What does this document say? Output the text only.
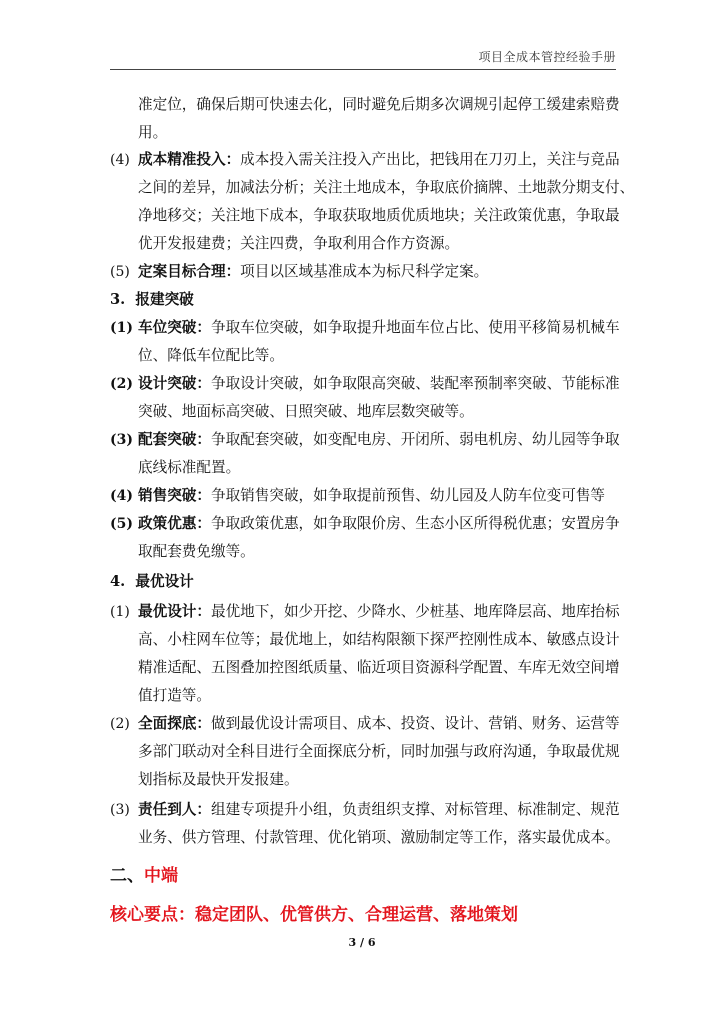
项目全成本管控经验手册
准定位，确保后期可快速去化，同时避免后期多次调规引起停工缓建索赔费
用。
(4) 成本精准投入：成本投入需关注投入产出比，把钱用在刀刃上，关注与竞品
之间的差异，加减法分析；关注土地成本，争取底价摘牌、土地款分期支付、
净地移交；关注地下成本，争取获取地质优质地块；关注政策优惠，争取最
优开发报建费；关注四费，争取利用合作方资源。
(5) 定案目标合理：项目以区域基准成本为标尺科学定案。
3.  报建突破
(1) 车位突破：争取车位突破，如争取提升地面车位占比、使用平移简易机械车
位、降低车位配比等。
(2) 设计突破：争取设计突破，如争取限高突破、装配率预制率突破、节能标准
突破、地面标高突破、日照突破、地库层数突破等。
(3) 配套突破：争取配套突破，如变配电房、开闭所、弱电机房、幼儿园等争取
底线标准配置。
(4) 销售突破：争取销售突破，如争取提前预售、幼儿园及人防车位变可售等
(5) 政策优惠：争取政策优惠，如争取限价房、生态小区所得税优惠；安置房争
取配套费免缴等。
4.  最优设计
(1) 最优设计：最优地下，如少开挖、少降水、少桩基、地库降层高、地库抬标
高、小柱网车位等；最优地上，如结构限额下探严控刚性成本、敏感点设计
精准适配、五图叠加控图纸质量、临近项目资源科学配置、车库无效空间增
值打造等。
(2) 全面探底：做到最优设计需项目、成本、投资、设计、营销、财务、运营等
多部门联动对全科目进行全面探底分析，同时加强与政府沟通，争取最优规
划指标及最快开发报建。
(3) 责任到人：组建专项提升小组，负责组织支撑、对标管理、标准制定、规范
业务、供方管理、付款管理、优化销项、激励制定等工作，落实最优成本。
二、中端
核心要点：稳定团队、优管供方、合理运营、落地策划
3 / 6
